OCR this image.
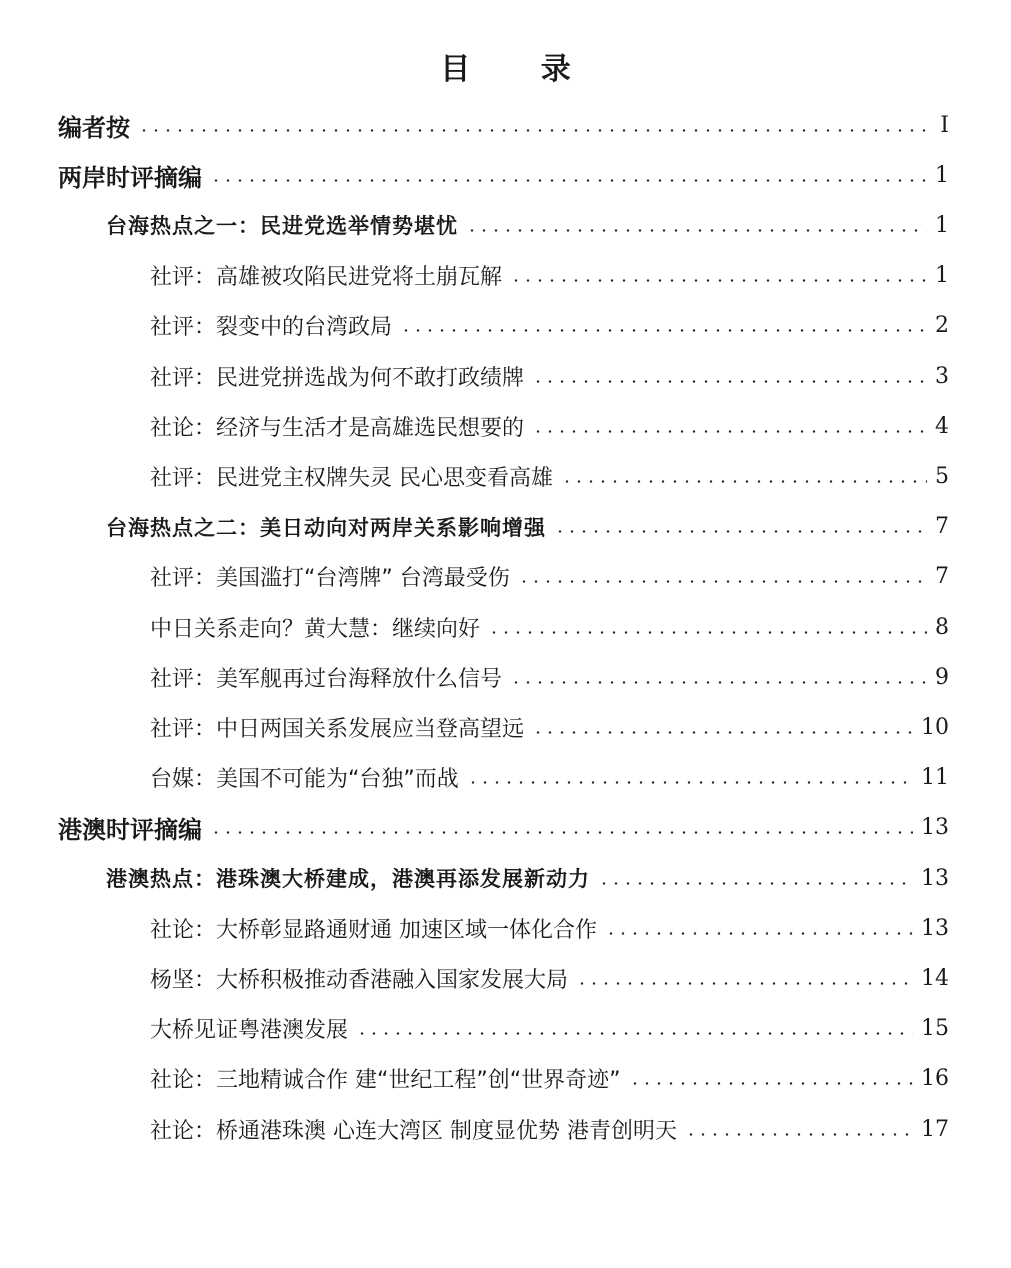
目 录
编者按	I
两岸时评摘编	1
台海热点之一：民进党选举情势堪忧	1
社评：高雄被攻陷民进党将土崩瓦解	1
社评：裂变中的台湾政局	2
社评：民进党拼选战为何不敢打政绩牌	3
社论：经济与生活才是高雄选民想要的	4
社评：民进党主权牌失灵 民心思变看高雄	5
台海热点之二：美日动向对两岸关系影响增强	7
社评：美国滥打“台湾牌” 台湾最受伤	7
中日关系走向？黄大慧：继续向好	8
社评：美军舰再过台海释放什么信号	9
社评：中日两国关系发展应当登高望远	10
台媒：美国不可能为“台独”而战	11
港澳时评摘编	13
港澳热点：港珠澳大桥建成，港澳再添发展新动力	13
社论：大桥彰显路通财通 加速区域一体化合作	13
杨坚：大桥积极推动香港融入国家发展大局	14
大桥见证粤港澳发展	15
社论：三地精诚合作 建“世纪工程”创“世界奇迹”	16
社论：桥通港珠澳 心连大湾区 制度显优势 港青创明天	17
